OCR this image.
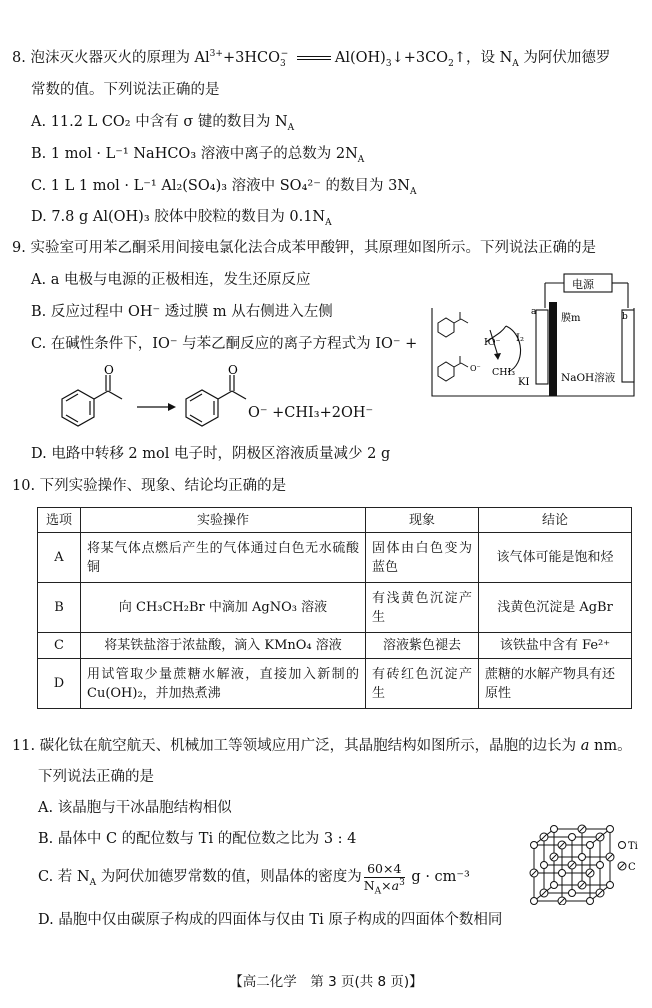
8. 泡沫灭火器灭火的原理为 $Al^{3+}+3HCO_3^-$	$Al(OH)_3↓+3CO_2↑$，设 $N_A$ 为阿伏加德罗
常数的值。下列说法正确的是
A. 11.2 L CO₂ 中含有 σ 键的数目为 $N_A$
B. 1 mol · L⁻¹ NaHCO₃ 溶液中离子的总数为 $2N_A$
C. 1 L 1 mol · L⁻¹ Al₂(SO₄)₃ 溶液中 SO₄²⁻ 的数目为 $3N_A$
D. 7.8 g Al(OH)₃ 胶体中胶粒的数目为 $0.1N_A$
9. 实验室可用苯乙酮采用间接电氯化法合成苯甲酸钾，其原理如图所示。下列说法正确的是
A. a 电极与电源的正极相连，发生还原反应
B. 反应过程中 OH⁻ 透过膜 m 从右侧进入左侧
C. 在碱性条件下，IO⁻ 与苯乙酮反应的离子方程式为 IO⁻ +
O	O
O⁻ +CHI₃+2OH⁻
D. 电路中转移 2 mol 电子时，阴极区溶液质量减少 2 g
电源
a	b
膜m
I₂
IO⁻
CHI₃
KI	NaOH溶液
O⁻
10. 下列实验操作、现象、结论均正确的是
选项	实验操作	现象	结论
A	将某气体点燃后产生的气体通过白色无水硫酸铜	固体由白色变为蓝色	该气体可能是饱和烃
B	向 CH₃CH₂Br 中滴加 AgNO₃ 溶液	有浅黄色沉淀产生	浅黄色沉淀是 AgBr
C	将某铁盐溶于浓盐酸，滴入 KMnO₄ 溶液	溶液紫色褪去	该铁盐中含有 Fe²⁺
D	用试管取少量蔗糖水解液，直接加入新制的Cu(OH)₂，并加热煮沸	有砖红色沉淀产生	蔗糖的水解产物具有还原性
11. 碳化钛在航空航天、机械加工等领域应用广泛，其晶胞结构如图所示，晶胞的边长为 a nm。
下列说法正确的是
A. 该晶胞与干冰晶胞结构相似
B. 晶体中 C 的配位数与 Ti 的配位数之比为 3 : 4
C. 若 $N_A$ 为阿伏加德罗常数的值，则晶体的密度为 $\frac{60\times 4}{N_A\times a^3}$ g · cm⁻³
D. 晶胞中仅由碳原子构成的四面体与仅由 Ti 原子构成的四面体个数相同
Ti
C
【高二化学　第 3 页(共 8 页)】
